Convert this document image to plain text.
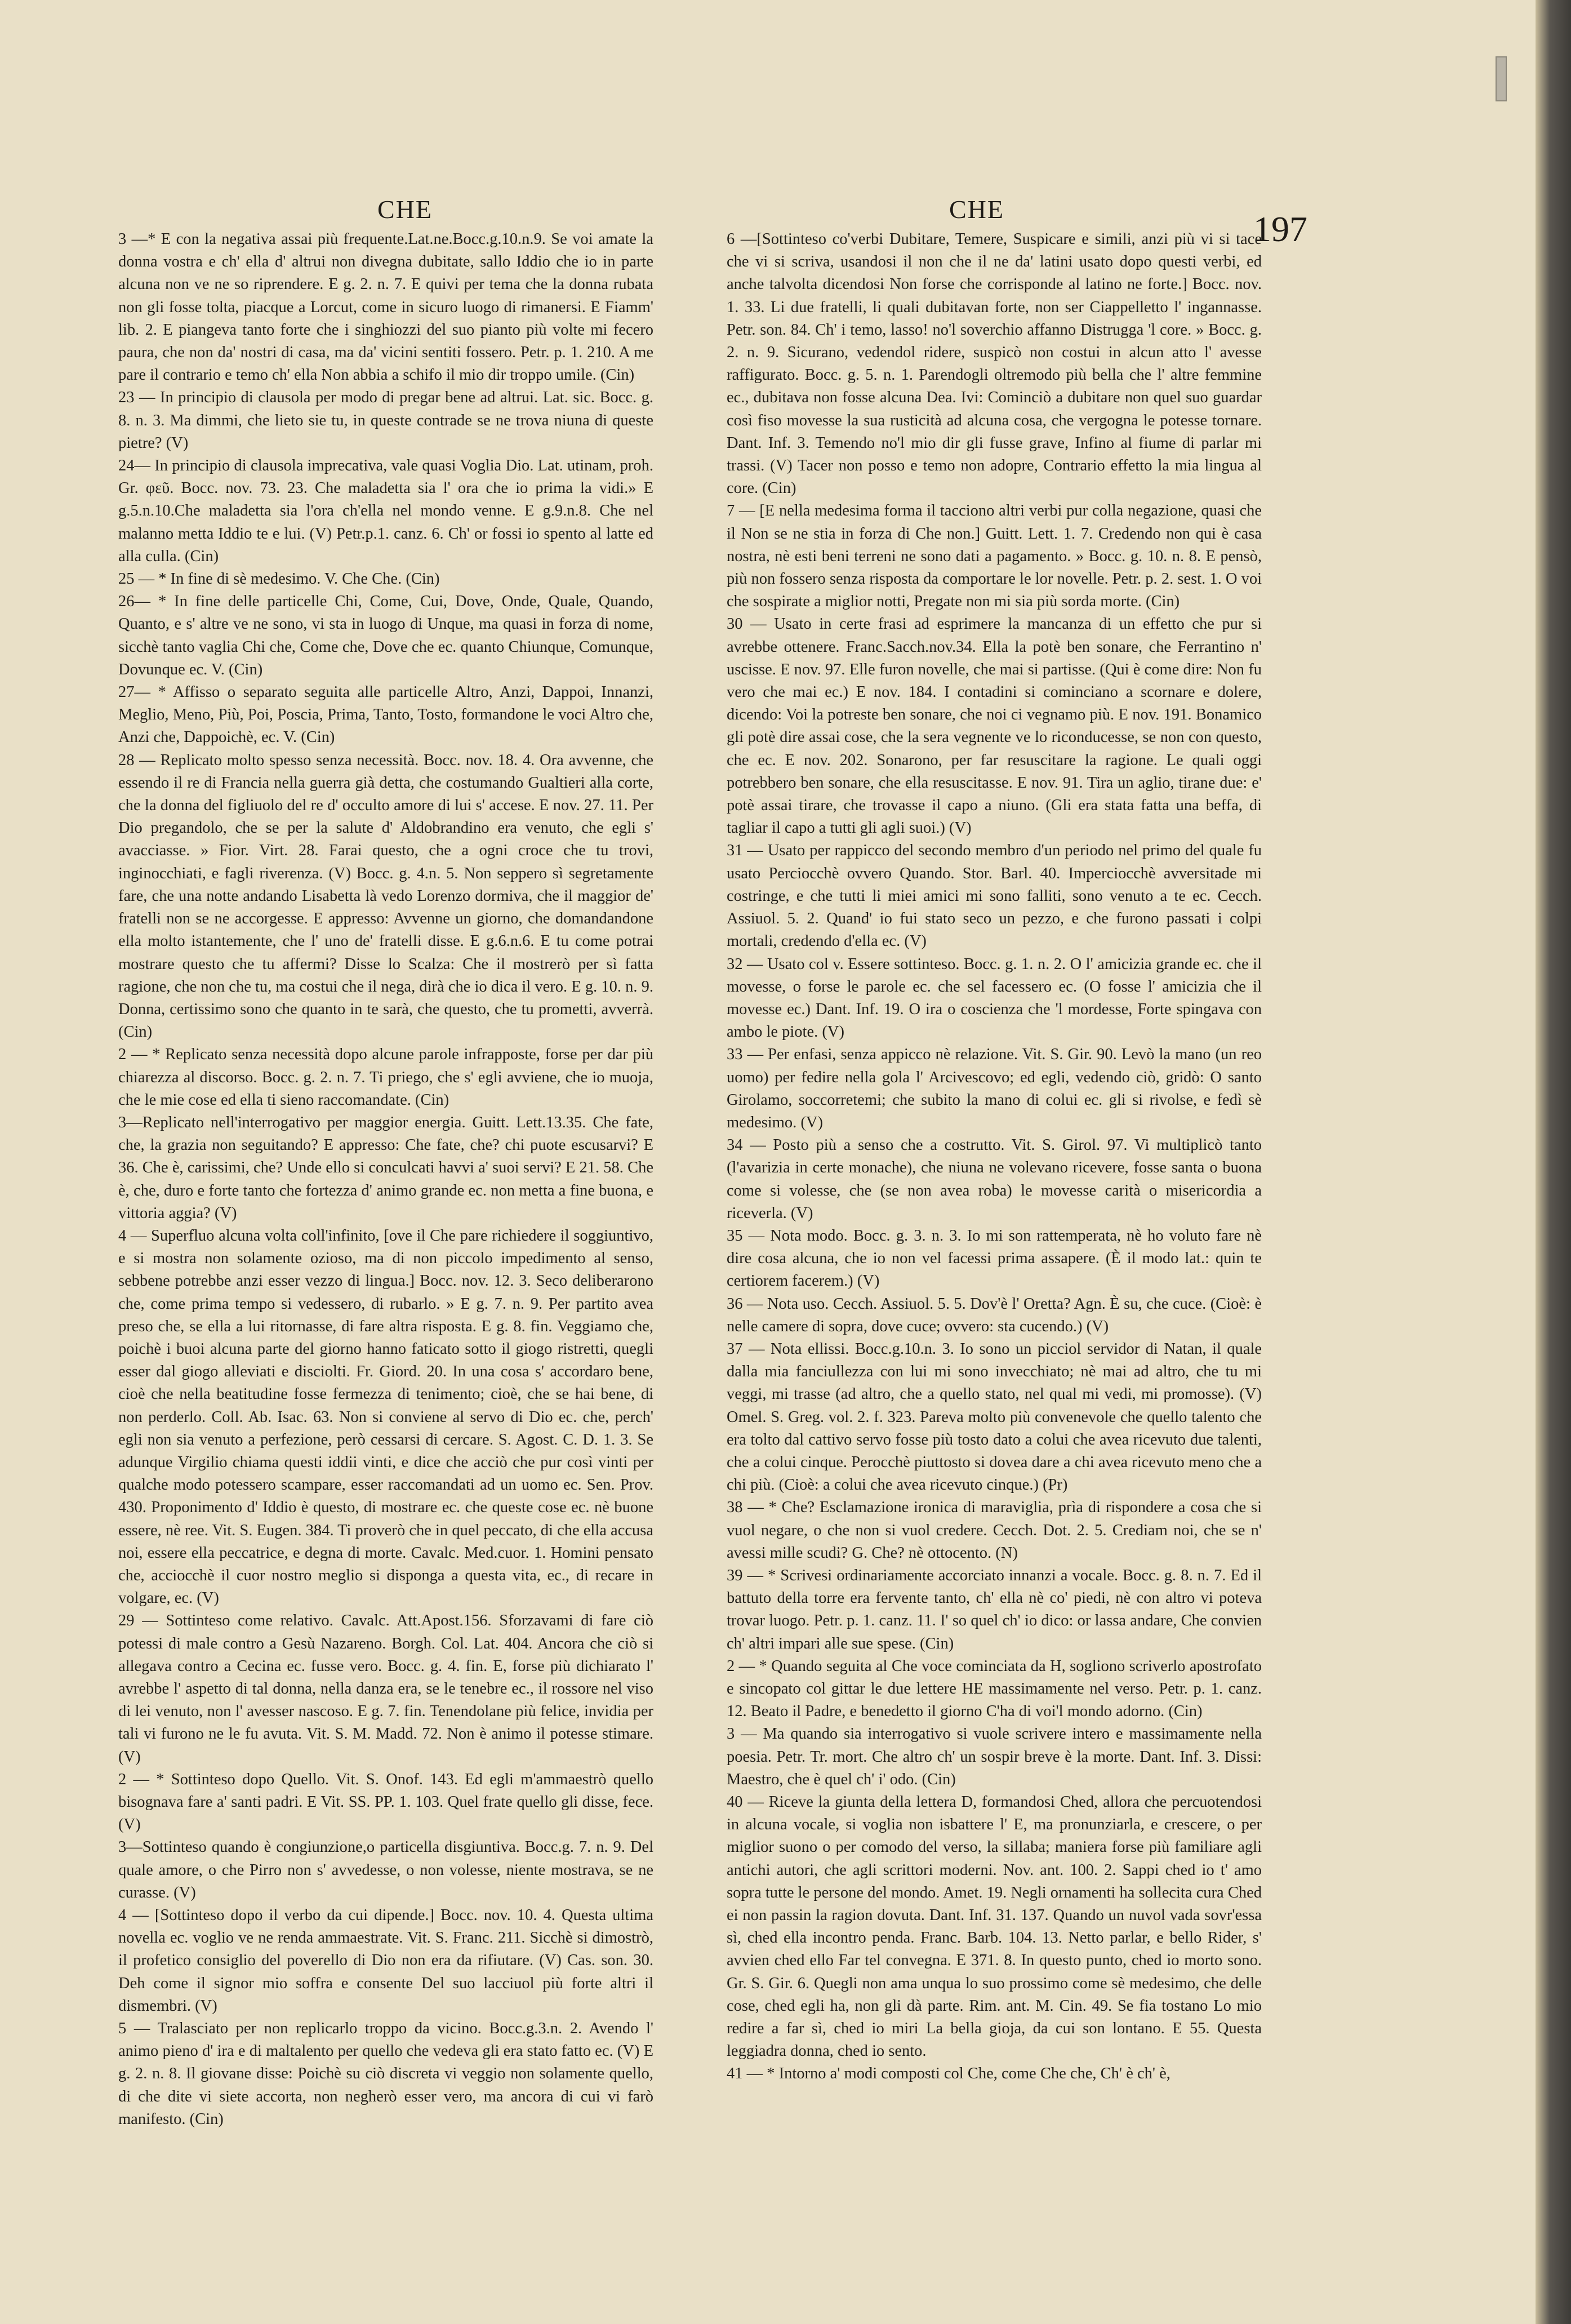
CHE	CHE	197

3 —* E con la negativa assai più frequente.Lat.ne.Bocc.g.10.n.9. Se voi amate la donna vostra e ch' ella d' altrui non divegna dubitate, sallo Iddio che io in parte alcuna non ve ne so riprendere. E g. 2. n. 7. E quivi per tema che la donna rubata non gli fosse tolta, piacque a Lorcut, come in sicuro luogo di rimanersi. E Fiamm' lib. 2. E piangeva tanto forte che i singhiozzi del suo pianto più volte mi fecero paura, che non da' nostri di casa, ma da' vicini sentiti fossero. Petr. p. 1. 210. A me pare il contrario e temo ch' ella Non abbia a schifo il mio dir troppo umile. (Cin)

23 — In principio di clausola per modo di pregar bene ad altrui. Lat. sic. Bocc. g. 8. n. 3. Ma dimmi, che lieto sie tu, in queste contrade se ne trova niuna di queste pietre? (V)

24— In principio di clausola imprecativa, vale quasi Voglia Dio. Lat. utinam, proh. Gr. φεῦ. Bocc. nov. 73. 23. Che maladetta sia l' ora che io prima la vidi.» E g.5.n.10.Che maladetta sia l'ora ch'ella nel mondo venne. E g.9.n.8. Che nel malanno metta Iddio te e lui. (V) Petr.p.1. canz. 6. Ch' or fossi io spento al latte ed alla culla. (Cin)

25 — * In fine di sè medesimo. V. Che Che. (Cin)

26— * In fine delle particelle Chi, Come, Cui, Dove, Onde, Quale, Quando, Quanto, e s' altre ve ne sono, vi sta in luogo di Unque, ma quasi in forza di nome, sicchè tanto vaglia Chi che, Come che, Dove che ec. quanto Chiunque, Comunque, Dovunque ec. V. (Cin)

27— * Affisso o separato seguita alle particelle Altro, Anzi, Dappoi, Innanzi, Meglio, Meno, Più, Poi, Poscia, Prima, Tanto, Tosto, formandone le voci Altro che, Anzi che, Dappoichè, ec. V. (Cin)

28 — Replicato molto spesso senza necessità. Bocc. nov. 18. 4. Ora avvenne, che essendo il re di Francia nella guerra già detta, che costumando Gualtieri alla corte, che la donna del figliuolo del re d' occulto amore di lui s' accese. E nov. 27. 11. Per Dio pregandolo, che se per la salute d' Aldobrandino era venuto, che egli s' avacciasse. » Fior. Virt. 28. Farai questo, che a ogni croce che tu trovi, inginocchiati, e fagli riverenza. (V) Bocc. g. 4.n. 5. Non seppero sì segretamente fare, che una notte andando Lisabetta là vedo Lorenzo dormiva, che il maggior de' fratelli non se ne accorgesse. E appresso: Avvenne un giorno, che domandandone ella molto istantemente, che l' uno de' fratelli disse. E g.6.n.6. E tu come potrai mostrare questo che tu affermi? Disse lo Scalza: Che il mostrerò per sì fatta ragione, che non che tu, ma costui che il nega, dirà che io dica il vero. E g. 10. n. 9. Donna, certissimo sono che quanto in te sarà, che questo, che tu prometti, avverrà. (Cin)

2 — * Replicato senza necessità dopo alcune parole infrapposte, forse per dar più chiarezza al discorso. Bocc. g. 2. n. 7. Ti priego, che s' egli avviene, che io muoja, che le mie cose ed ella ti sieno raccomandate. (Cin)

3—Replicato nell'interrogativo per maggior energia. Guitt. Lett.13.35. Che fate, che, la grazia non seguitando? E appresso: Che fate, che? chi puote escusarvi? E 36. Che è, carissimi, che? Unde ello si conculcati havvi a' suoi servi? E 21. 58. Che è, che, duro e forte tanto che fortezza d' animo grande ec. non metta a fine buona, e vittoria aggia? (V)

4 — Superfluo alcuna volta coll'infinito, [ove il Che pare richiedere il soggiuntivo, e si mostra non solamente ozioso, ma di non piccolo impedimento al senso, sebbene potrebbe anzi esser vezzo di lingua.] Bocc. nov. 12. 3. Seco deliberarono che, come prima tempo si vedessero, di rubarlo. » E g. 7. n. 9. Per partito avea preso che, se ella a lui ritornasse, di fare altra risposta. E g. 8. fin. Veggiamo che, poichè i buoi alcuna parte del giorno hanno faticato sotto il giogo ristretti, quegli esser dal giogo alleviati e disciolti. Fr. Giord. 20. In una cosa s' accordaro bene, cioè che nella beatitudine fosse fermezza di tenimento; cioè, che se hai bene, di non perderlo. Coll. Ab. Isac. 63. Non si conviene al servo di Dio ec. che, perch' egli non sia venuto a perfezione, però cessarsi di cercare. S. Agost. C. D. 1. 3. Se adunque Virgilio chiama questi iddii vinti, e dice che acciò che pur così vinti per qualche modo potessero scampare, esser raccomandati ad un uomo ec. Sen. Prov. 430. Proponimento d' Iddio è questo, di mostrare ec. che queste cose ec. nè buone essere, nè ree. Vit. S. Eugen. 384. Ti proverò che in quel peccato, di che ella accusa noi, essere ella peccatrice, e degna di morte. Cavalc. Med.cuor. 1. Homini pensato che, acciocchè il cuor nostro meglio si disponga a questa vita, ec., di recare in volgare, ec. (V)

29 — Sottinteso come relativo. Cavalc. Att.Apost.156. Sforzavami di fare ciò potessi di male contro a Gesù Nazareno. Borgh. Col. Lat. 404. Ancora che ciò si allegava contro a Cecina ec. fusse vero. Bocc. g. 4. fin. E, forse più dichiarato l' avrebbe l' aspetto di tal donna, nella danza era, se le tenebre ec., il rossore nel viso di lei venuto, non l' avesser nascoso. E g. 7. fin. Tenendolane più felice, invidia per tali vi furono ne le fu avuta. Vit. S. M. Madd. 72. Non è animo il potesse stimare. (V)

2 — * Sottinteso dopo Quello. Vit. S. Onof. 143. Ed egli m'ammaestrò quello bisognava fare a' santi padri. E Vit. SS. PP. 1. 103. Quel frate quello gli disse, fece. (V)

3—Sottinteso quando è congiunzione,o particella disgiuntiva. Bocc.g. 7. n. 9. Del quale amore, o che Pirro non s' avvedesse, o non volesse, niente mostrava, se ne curasse. (V)

4 — [Sottinteso dopo il verbo da cui dipende.] Bocc. nov. 10. 4. Questa ultima novella ec. voglio ve ne renda ammaestrate. Vit. S. Franc. 211. Sicchè si dimostrò, il profetico consiglio del poverello di Dio non era da rifiutare. (V) Cas. son. 30. Deh come il signor mio soffra e consente Del suo lacciuol più forte altri il dismembri. (V)

5 — Tralasciato per non replicarlo troppo da vicino. Bocc.g.3.n. 2. Avendo l' animo pieno d' ira e di maltalento per quello che vedeva gli era stato fatto ec. (V) E g. 2. n. 8. Il giovane disse: Poichè su ciò discreta vi veggio non solamente quello, di che dite vi siete accorta, non negherò esser vero, ma ancora di cui vi farò manifesto. (Cin)

6 —[Sottinteso co'verbi Dubitare, Temere, Suspicare e simili, anzi più vi si tace che vi si scriva, usandosi il non che il ne da' latini usato dopo questi verbi, ed anche talvolta dicendosi Non forse che corrisponde al latino ne forte.] Bocc. nov. 1. 33. Li due fratelli, li quali dubitavan forte, non ser Ciappelletto l' ingannasse. Petr. son. 84. Ch' i temo, lasso! no'l soverchio affanno Distrugga 'l core. » Bocc. g. 2. n. 9. Sicurano, vedendol ridere, suspicò non costui in alcun atto l' avesse raffigurato. Bocc. g. 5. n. 1. Parendogli oltremodo più bella che l' altre femmine ec., dubitava non fosse alcuna Dea. Ivi: Cominciò a dubitare non quel suo guardar così fiso movesse la sua rusticità ad alcuna cosa, che vergogna le potesse tornare. Dant. Inf. 3. Temendo no'l mio dir gli fusse grave, Infino al fiume di parlar mi trassi. (V) Tacer non posso e temo non adopre, Contrario effetto la mia lingua al core. (Cin)

7 — [E nella medesima forma il tacciono altri verbi pur colla negazione, quasi che il Non se ne stia in forza di Che non.] Guitt. Lett. 1. 7. Credendo non qui è casa nostra, nè esti beni terreni ne sono dati a pagamento. » Bocc. g. 10. n. 8. E pensò, più non fossero senza risposta da comportare le lor novelle. Petr. p. 2. sest. 1. O voi che sospirate a miglior notti, Pregate non mi sia più sorda morte. (Cin)

30 — Usato in certe frasi ad esprimere la mancanza di un effetto che pur si avrebbe ottenere. Franc.Sacch.nov.34. Ella la potè ben sonare, che Ferrantino n' uscisse. E nov. 97. Elle furon novelle, che mai si partisse. (Qui è come dire: Non fu vero che mai ec.) E nov. 184. I contadini si cominciano a scornare e dolere, dicendo: Voi la potreste ben sonare, che noi ci vegnamo più. E nov. 191. Bonamico gli potè dire assai cose, che la sera vegnente ve lo riconducesse, se non con questo, che ec. E nov. 202. Sonarono, per far resuscitare la ragione. Le quali oggi potrebbero ben sonare, che ella resuscitasse. E nov. 91. Tira un aglio, tirane due: e' potè assai tirare, che trovasse il capo a niuno. (Gli era stata fatta una beffa, di tagliar il capo a tutti gli agli suoi.) (V)

31 — Usato per rappicco del secondo membro d'un periodo nel primo del quale fu usato Perciocchè ovvero Quando. Stor. Barl. 40. Imperciocchè avversitade mi costringe, e che tutti li miei amici mi sono falliti, sono venuto a te ec. Cecch. Assiuol. 5. 2. Quand' io fui stato seco un pezzo, e che furono passati i colpi mortali, credendo d'ella ec. (V)

32 — Usato col v. Essere sottinteso. Bocc. g. 1. n. 2. O l' amicizia grande ec. che il movesse, o forse le parole ec. che sel facessero ec. (O fosse l' amicizia che il movesse ec.) Dant. Inf. 19. O ira o coscienza che 'l mordesse, Forte spingava con ambo le piote. (V)

33 — Per enfasi, senza appicco nè relazione. Vit. S. Gir. 90. Levò la mano (un reo uomo) per fedire nella gola l' Arcivescovo; ed egli, vedendo ciò, gridò: O santo Girolamo, soccorretemi; che subito la mano di colui ec. gli si rivolse, e fedì sè medesimo. (V)

34 — Posto più a senso che a costrutto. Vit. S. Girol. 97. Vi multiplicò tanto (l'avarizia in certe monache), che niuna ne volevano ricevere, fosse santa o buona come si volesse, che (se non avea roba) le movesse carità o misericordia a riceverla. (V)

35 — Nota modo. Bocc. g. 3. n. 3. Io mi son rattemperata, nè ho voluto fare nè dire cosa alcuna, che io non vel facessi prima assapere. (È il modo lat.: quin te certiorem facerem.) (V)

36 — Nota uso. Cecch. Assiuol. 5. 5. Dov'è l' Oretta? Agn. È su, che cuce. (Cioè: è nelle camere di sopra, dove cuce; ovvero: sta cucendo.) (V)

37 — Nota ellissi. Bocc.g.10.n. 3. Io sono un picciol servidor di Natan, il quale dalla mia fanciullezza con lui mi sono invecchiato; nè mai ad altro, che tu mi veggi, mi trasse (ad altro, che a quello stato, nel qual mi vedi, mi promosse). (V) Omel. S. Greg. vol. 2. f. 323. Pareva molto più convenevole che quello talento che era tolto dal cattivo servo fosse più tosto dato a colui che avea ricevuto due talenti, che a colui cinque. Perocchè piuttosto si dovea dare a chi avea ricevuto meno che a chi più. (Cioè: a colui che avea ricevuto cinque.) (Pr)

38 — * Che? Esclamazione ironica di maraviglia, prìa di rispondere a cosa che si vuol negare, o che non si vuol credere. Cecch. Dot. 2. 5. Crediam noi, che se n' avessi mille scudi? G. Che? nè ottocento. (N)

39 — * Scrivesi ordinariamente accorciato innanzi a vocale. Bocc. g. 8. n. 7. Ed il battuto della torre era fervente tanto, ch' ella nè co' piedi, nè con altro vi poteva trovar luogo. Petr. p. 1. canz. 11. I' so quel ch' io dico: or lassa andare, Che convien ch' altri impari alle sue spese. (Cin)

2 — * Quando seguita al Che voce cominciata da H, sogliono scriverlo apostrofato e sincopato col gittar le due lettere HE massimamente nel verso. Petr. p. 1. canz. 12. Beato il Padre, e benedetto il giorno C'ha di voi'l mondo adorno. (Cin)

3 — Ma quando sia interrogativo si vuole scrivere intero e massimamente nella poesia. Petr. Tr. mort. Che altro ch' un sospir breve è la morte. Dant. Inf. 3. Dissi: Maestro, che è quel ch' i' odo. (Cin)

40 — Riceve la giunta della lettera D, formandosi Ched, allora che percuotendosi in alcuna vocale, si voglia non isbattere l' E, ma pronunziarla, e crescere, o per miglior suono o per comodo del verso, la sillaba; maniera forse più familiare agli antichi autori, che agli scrittori moderni. Nov. ant. 100. 2. Sappi ched io t' amo sopra tutte le persone del mondo. Amet. 19. Negli ornamenti ha sollecita cura Ched ei non passin la ragion dovuta. Dant. Inf. 31. 137. Quando un nuvol vada sovr'essa sì, ched ella incontro penda. Franc. Barb. 104. 13. Netto parlar, e bello Rider, s' avvien ched ello Far tel convegna. E 371. 8. In questo punto, ched io morto sono. Gr. S. Gir. 6. Quegli non ama unqua lo suo prossimo come sè medesimo, che delle cose, ched egli ha, non gli dà parte. Rim. ant. M. Cin. 49. Se fia tostano Lo mio redire a far sì, ched io miri La bella gioja, da cui son lontano. E 55. Questa leggiadra donna, ched io sento.

41 — * Intorno a' modi composti col Che, come Che che, Ch' è ch' è,
